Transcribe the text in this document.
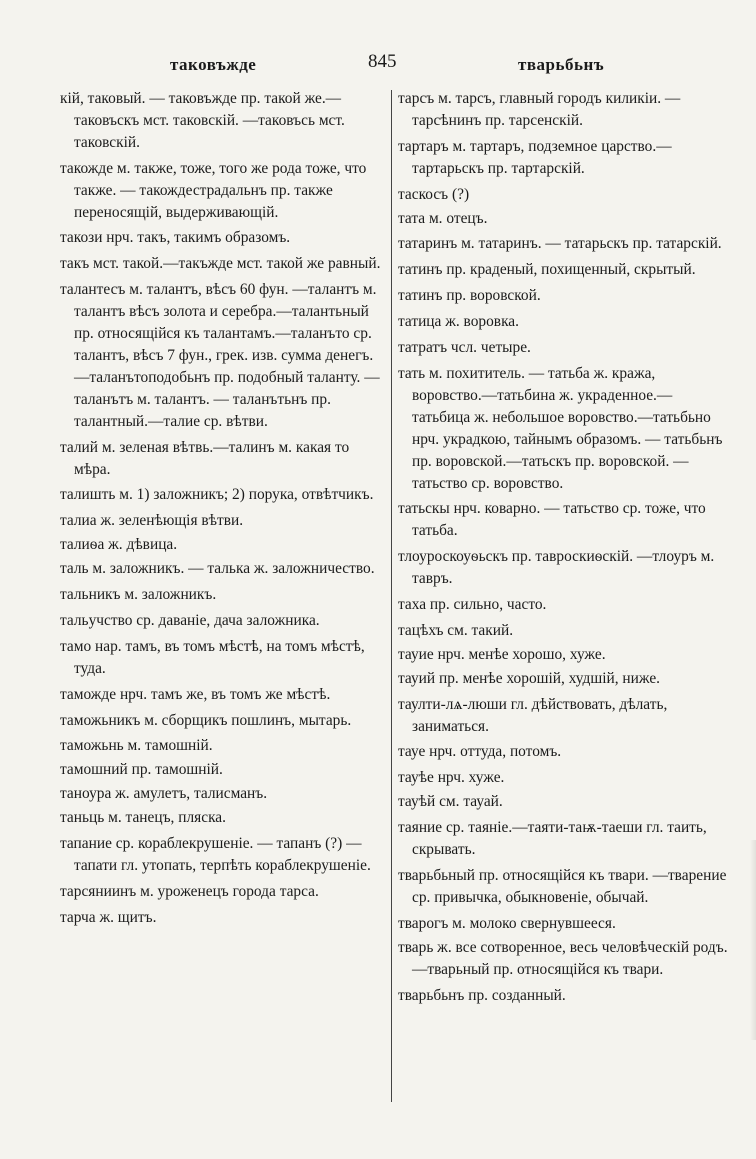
таковъжде	845	тварьбьнъ
кій, таковый. — таковъжде пр. такой же.—таковъскъ мст. таковскій. —таковъсь мст. таковскій.
такожде м. также, тоже, того же рода тоже, что также. — такождестрадальнъ пр. также переносящій, выдерживающій.
такози нрч. такъ, такимъ образомъ.
такъ мст. такой.—такъжде мст. такой же равный.
талантесъ м. талантъ, вѣсъ 60 фун. —талантъ м. талантъ вѣсъ золота и серебра.—талантьный пр. относящійся къ талантамъ.—таланъто ср. талантъ, вѣсъ 7 фун., грек. изв. сумма денегъ.—таланътоподобьнъ пр. подобный таланту. — таланътъ м. талантъ. — таланътьнъ пр. талантный.—талие ср. вѣтви.
талий м. зеленая вѣтвь.—талинъ м. какая то мѣра.
талишть м. 1) заложникъ; 2) порука, отвѣтчикъ.
талиа ж. зеленѣющія вѣтви.
талиѳа ж. дѣвица.
таль м. заложникъ. — талька ж. заложничество.
тальникъ м. заложникъ.
тальучство ср. даваніе, дача заложника.
тамо нар. тамъ, въ томъ мѣстѣ, на томъ мѣстѣ, туда.
таможде нрч. тамъ же, въ томъ же мѣстѣ.
таможьникъ м. сборщикъ пошлинъ, мытарь.
таможьнь м. тамошній.
тамошний пр. тамошній.
таноура ж. амулетъ, талисманъ.
таньць м. танецъ, пляска.
тапание ср. кораблекрушеніе. — тапанъ (?) — тапати гл. утопать, терпѣть кораблекрушеніе.
тарсяниинъ м. уроженецъ города тарса.
тарча ж. щитъ.
тарсъ м. тарсъ, главный городъ киликіи. — тарсѣнинъ пр. тарсенскій.
тартаръ м. тартаръ, подземное царство.—тартарьскъ пр. тартарскій.
таскосъ (?)
тата м. отецъ.
татаринъ м. татаринъ. — татарьскъ пр. татарскій.
татинъ пр. краденый, похищенный, скрытый.
татинъ пр. воровской.
татица ж. воровка.
татратъ чсл. четыре.
тать м. похититель. — татьба ж. кража, воровство.—татьбина ж. украденное.—татьбица ж. небольшое воровство.—татьбьно нрч. украдкою, тайнымъ образомъ. — татьбьнъ пр. воровской.—татьскъ пр. воровской. —татьство ср. воровство.
татьскы нрч. коварно. — татьство ср. тоже, что татьба.
тлоуроскоуѳьскъ пр. тавроскиѳскій. —тлоуръ м. тавръ.
таха пр. сильно, часто.
тацѣхъ см. такий.
тауие нрч. менѣе хорошо, хуже.
тауий пр. менѣе хорошій, худшій, ниже.
таулти-лѧ-люши гл. дѣйствовать, дѣлать, заниматься.
тауе нрч. оттуда, потомъ.
тауѣе нрч. хуже.
тауѣй см. тауай.
таяние ср. таяніе.—таяти-таѭ-таеши гл. таить, скрывать.
тварьбьный пр. относящійся къ твари. —тварение ср. привычка, обыкновеніе, обычай.
тварогъ м. молоко свернувшееся.
тварь ж. все сотворенное, весь человѣческій родъ.—тварьный пр. относящійся къ твари.
тварьбьнъ пр. созданный.
